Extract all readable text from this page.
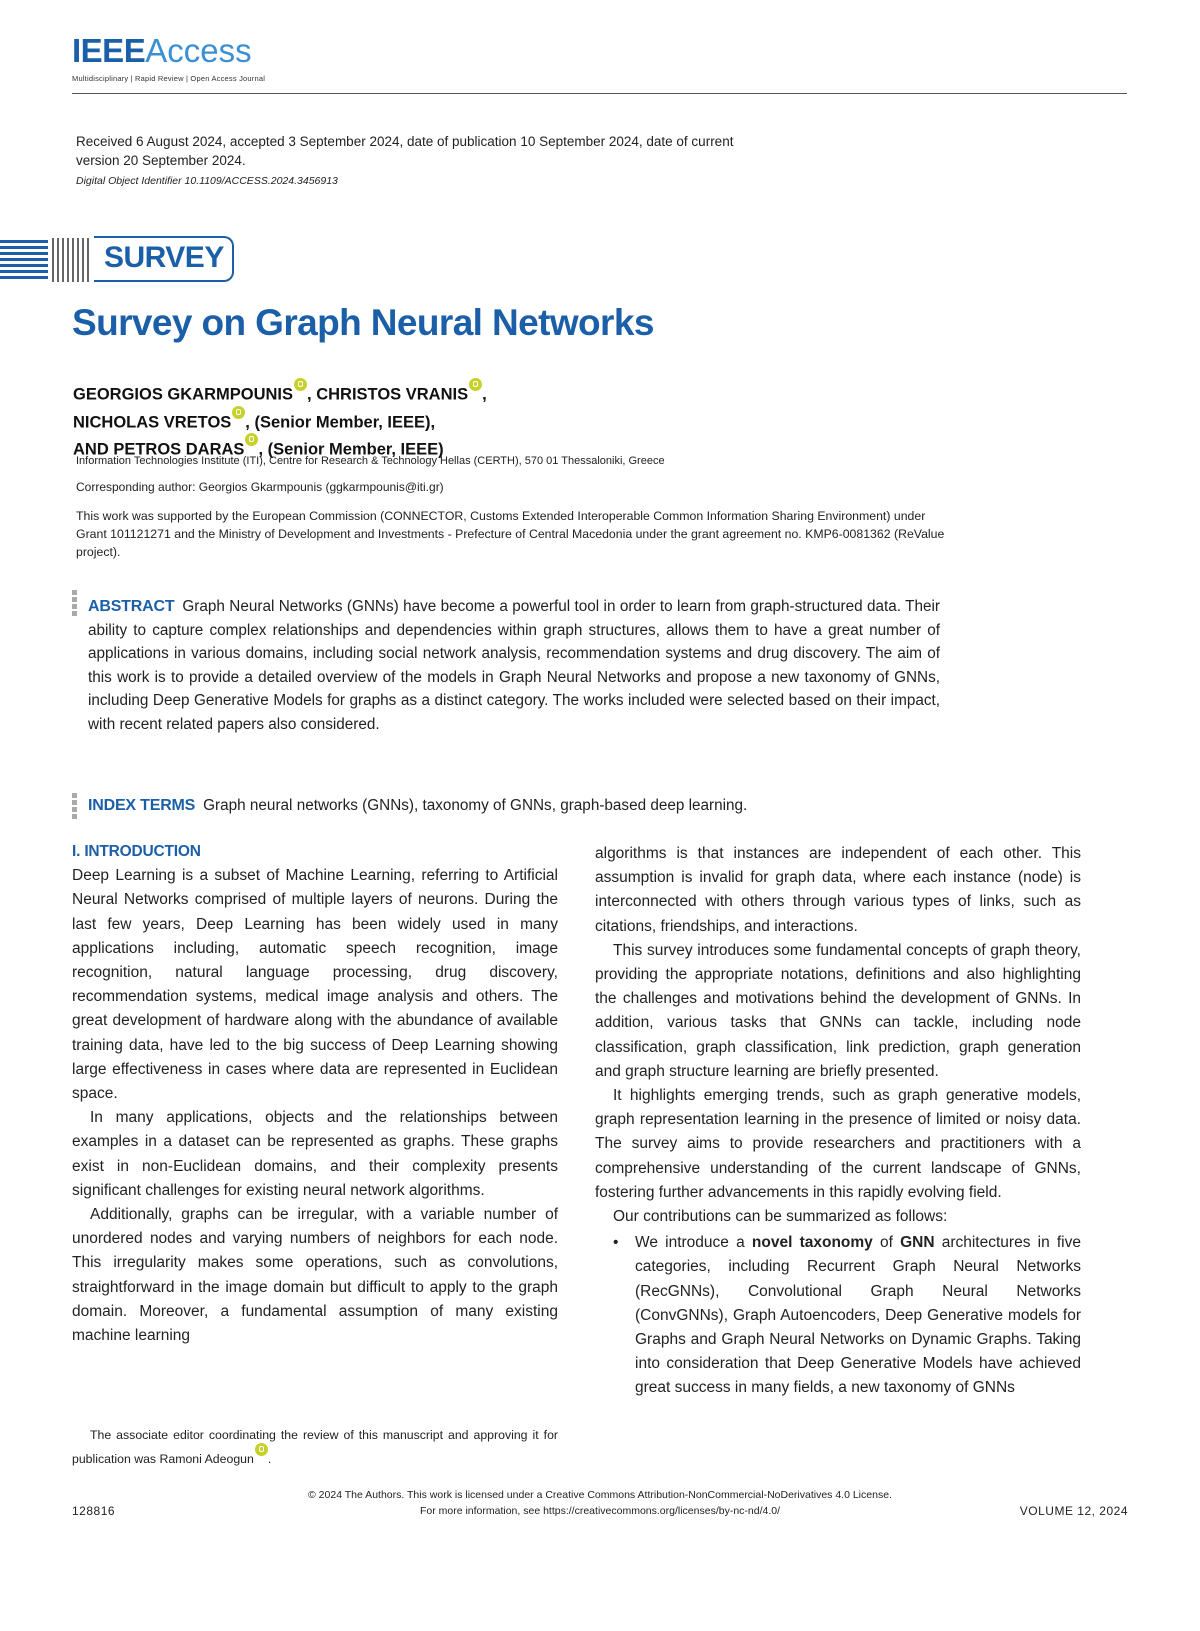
IEEEAccess
Multidisciplinary | Rapid Review | Open Access Journal
Received 6 August 2024, accepted 3 September 2024, date of publication 10 September 2024, date of current version 20 September 2024.
Digital Object Identifier 10.1109/ACCESS.2024.3456913
SURVEY
Survey on Graph Neural Networks
GEORGIOS GKARMPOUNIS , CHRISTOS VRANIS ,
NICHOLAS VRETOS , (Senior Member, IEEE),
AND PETROS DARAS , (Senior Member, IEEE)
Information Technologies Institute (ITI), Centre for Research & Technology Hellas (CERTH), 570 01 Thessaloniki, Greece
Corresponding author: Georgios Gkarmpounis (ggkarmpounis@iti.gr)
This work was supported by the European Commission (CONNECTOR, Customs Extended Interoperable Common Information Sharing Environment) under Grant 101121271 and the Ministry of Development and Investments - Prefecture of Central Macedonia under the grant agreement no. KMP6-0081362 (ReValue project).
ABSTRACT Graph Neural Networks (GNNs) have become a powerful tool in order to learn from graph-structured data. Their ability to capture complex relationships and dependencies within graph structures, allows them to have a great number of applications in various domains, including social network analysis, recommendation systems and drug discovery. The aim of this work is to provide a detailed overview of the models in Graph Neural Networks and propose a new taxonomy of GNNs, including Deep Generative Models for graphs as a distinct category. The works included were selected based on their impact, with recent related papers also considered.
INDEX TERMS Graph neural networks (GNNs), taxonomy of GNNs, graph-based deep learning.

I. INTRODUCTION

Deep Learning is a subset of Machine Learning, referring to Artificial Neural Networks comprised of multiple layers of neurons. During the last few years, Deep Learning has been widely used in many applications including, automatic speech recognition, image recognition, natural language processing, drug discovery, recommendation systems, medical image analysis and others. The great development of hardware along with the abundance of available training data, have led to the big success of Deep Learning showing large effectiveness in cases where data are represented in Euclidean space.

In many applications, objects and the relationships between examples in a dataset can be represented as graphs. These graphs exist in non-Euclidean domains, and their complexity presents significant challenges for existing neural network algorithms.

Additionally, graphs can be irregular, with a variable number of unordered nodes and varying numbers of neighbors for each node. This irregularity makes some operations, such as convolutions, straightforward in the image domain but difficult to apply to the graph domain. Moreover, a fundamental assumption of many existing machine learning

algorithms is that instances are independent of each other. This assumption is invalid for graph data, where each instance (node) is interconnected with others through various types of links, such as citations, friendships, and interactions.

This survey introduces some fundamental concepts of graph theory, providing the appropriate notations, definitions and also highlighting the challenges and motivations behind the development of GNNs. In addition, various tasks that GNNs can tackle, including node classification, graph classification, link prediction, graph generation and graph structure learning are briefly presented.

It highlights emerging trends, such as graph generative models, graph representation learning in the presence of limited or noisy data. The survey aims to provide researchers and practitioners with a comprehensive understanding of the current landscape of GNNs, fostering further advancements in this rapidly evolving field.

Our contributions can be summarized as follows:

• We introduce a novel taxonomy of GNN architectures in five categories, including Recurrent Graph Neural Networks (RecGNNs), Convolutional Graph Neural Networks (ConvGNNs), Graph Autoencoders, Deep Generative models for Graphs and Graph Neural Networks on Dynamic Graphs. Taking into consideration that Deep Generative Models have achieved great success in many fields, a new taxonomy of GNNs
The associate editor coordinating the review of this manuscript and approving it for publication was Ramoni Adeogun .
© 2024 The Authors. This work is licensed under a Creative Commons Attribution-NonCommercial-NoDerivatives 4.0 License.
For more information, see https://creativecommons.org/licenses/by-nc-nd/4.0/
128816	VOLUME 12, 2024
